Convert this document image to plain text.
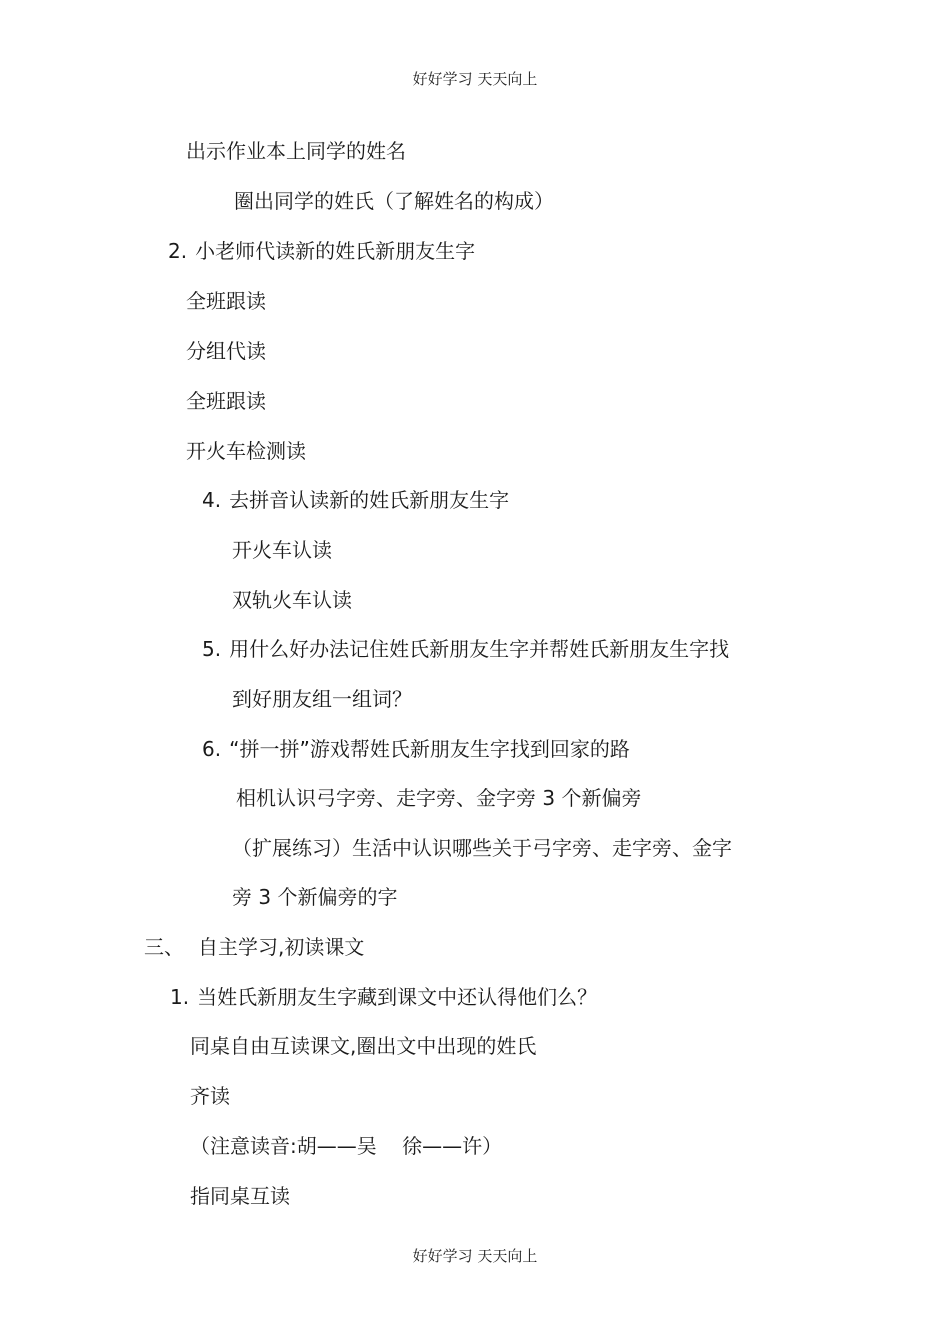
好好学习 天天向上
出示作业本上同学的姓名
圈出同学的姓氏（了解姓名的构成）
2. 小老师代读新的姓氏新朋友生字
全班跟读
分组代读
全班跟读
开火车检测读
4. 去拼音认读新的姓氏新朋友生字
开火车认读
双轨火车认读
5. 用什么好办法记住姓氏新朋友生字并帮姓氏新朋友生字找
到好朋友组一组词？
6. “拼一拼”游戏帮姓氏新朋友生字找到回家的路
相机认识弓字旁、走字旁、金字旁 3 个新偏旁
（扩展练习）生活中认识哪些关于弓字旁、走字旁、金字
旁 3 个新偏旁的字
三、 自主学习,初读课文
1. 当姓氏新朋友生字藏到课文中还认得他们么？
同桌自由互读课文,圈出文中出现的姓氏
齐读
（注意读音:胡——吴    徐——许）
指同桌互读
好好学习 天天向上
